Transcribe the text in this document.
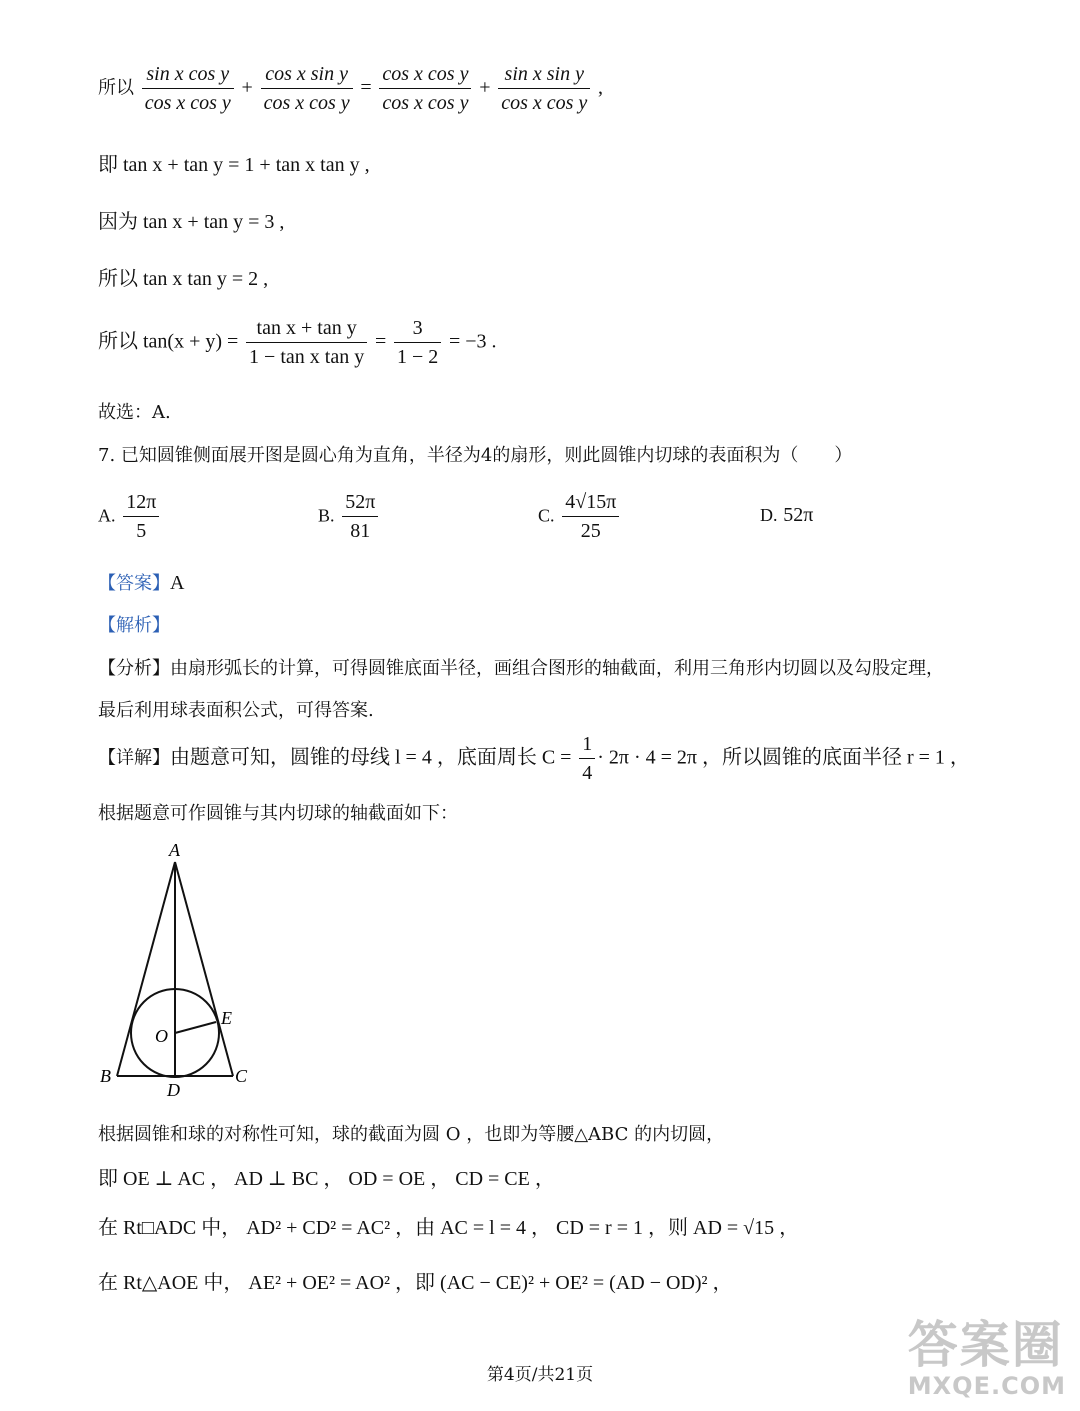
所以 $\frac{\text{sin x cos y}}{\text{cos x cos y}} + \frac{\text{cos x sin y}}{\text{cos x cos y}} = \frac{\text{cos x cos y}}{\text{cos x cos y}} + \frac{\text{sin x sin y}}{\text{cos x cos y}}$ ,
即 tan x + tan y = 1 + tan x tan y ,
因为 tan x + tan y = 3 ,
所以 tan x tan y = 2 ,
所以 $\tan(x + y) = \frac{\text{tan x + tan y}}{\text{1 − tan x tan y}} = \frac{3}{1 - 2} = -3$ .
故选：A.
7. 已知圆锥侧面展开图是圆心角为直角，半径为4的扇形，则此圆锥内切球的表面积为（　　）
A. $\frac{12\pi}{5}$	B. $\frac{52\pi}{81}$	C. $\frac{4√15\pi}{25}$	D. 52π
【答案】A
【解析】
【分析】由扇形弧长的计算，可得圆锥底面半径，画组合图形的轴截面，利用三角形内切圆以及勾股定理，
最后利用球表面积公式，可得答案.
【详解】由题意可知，圆锥的母线 l = 4 ，底面周长 $C = \frac{1}{4} \cdot 2\pi \cdot 4 = 2\pi$ ，所以圆锥的底面半径 r = 1 ，
根据题意可作圆锥与其内切球的轴截面如下：
A
B	C
D
E
O
根据圆锥和球的对称性可知，球的截面为圆 O ，也即为等腰△ABC 的内切圆，
即 OE ⊥ AC ， AD ⊥ BC ， OD = OE ， CD = CE ，
在 Rt□ADC 中， AD² + CD² = AC² ，由 AC = l = 4 ， CD = r = 1 ，则 AD = √15 ，
在 Rt△AOE 中， AE² + OE² = AO² ，即 (AC − CE)² + OE² = (AD − OD)² ，
答案圈
MXQE.COM
第4页/共21页
